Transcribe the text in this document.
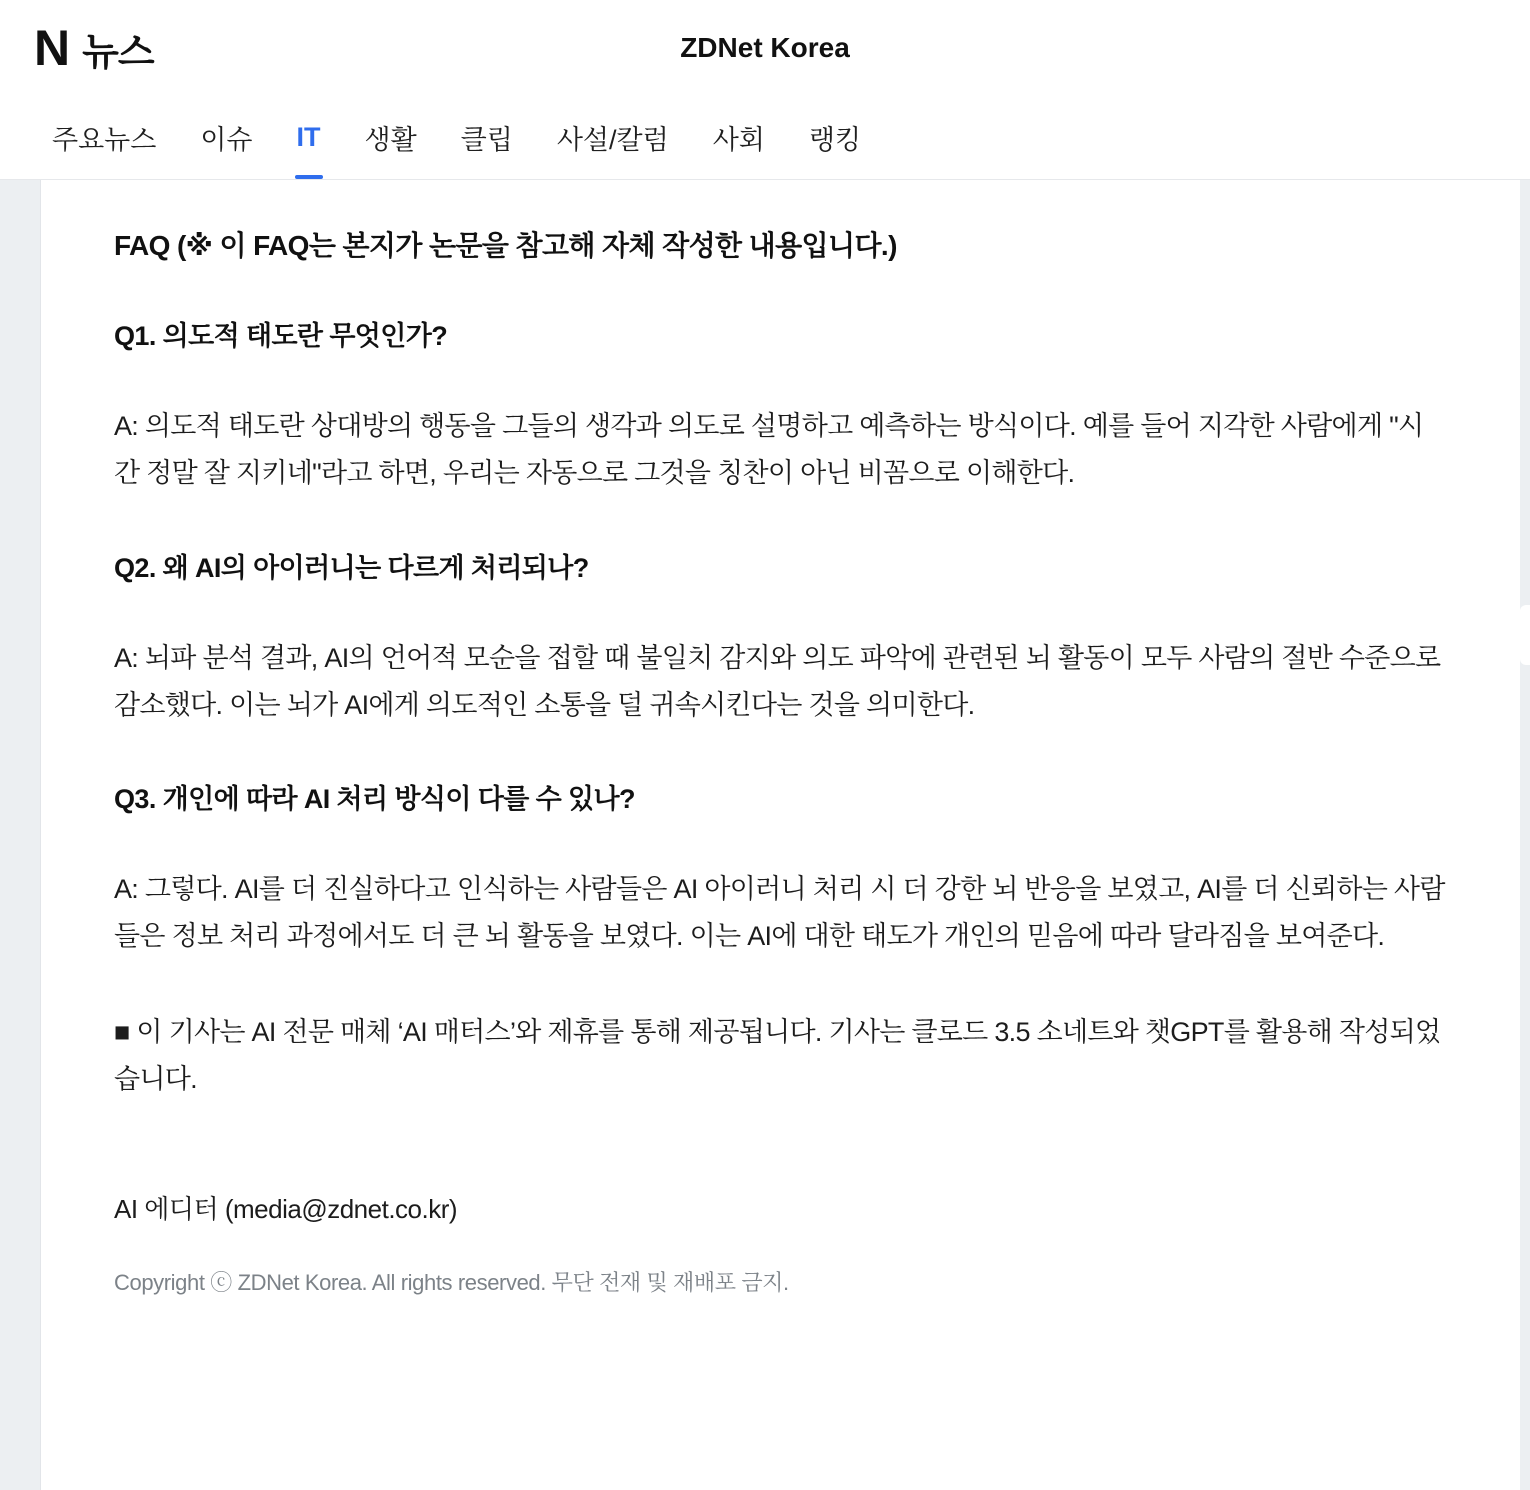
N 뉴스	ZDNet Korea
주요뉴스	이슈	IT	생활	클립	사설/칼럼	사회	랭킹
FAQ (※ 이 FAQ는 본지가 논문을 참고해 자체 작성한 내용입니다.)

Q1. 의도적 태도란 무엇인가?

A: 의도적 태도란 상대방의 행동을 그들의 생각과 의도로 설명하고 예측하는 방식이다. 예를 들어 지각한 사람에게 "시간 정말 잘 지키네"라고 하면, 우리는 자동으로 그것을 칭찬이 아닌 비꼼으로 이해한다.

Q2. 왜 AI의 아이러니는 다르게 처리되나?

A: 뇌파 분석 결과, AI의 언어적 모순을 접할 때 불일치 감지와 의도 파악에 관련된 뇌 활동이 모두 사람의 절반 수준으로 감소했다. 이는 뇌가 AI에게 의도적인 소통을 덜 귀속시킨다는 것을 의미한다.

Q3. 개인에 따라 AI 처리 방식이 다를 수 있나?

A: 그렇다. AI를 더 진실하다고 인식하는 사람들은 AI 아이러니 처리 시 더 강한 뇌 반응을 보였고, AI를 더 신뢰하는 사람들은 정보 처리 과정에서도 더 큰 뇌 활동을 보였다. 이는 AI에 대한 태도가 개인의 믿음에 따라 달라짐을 보여준다.

■ 이 기사는 AI 전문 매체 ‘AI 매터스’와 제휴를 통해 제공됩니다. 기사는 클로드 3.5 소네트와 챗GPT를 활용해 작성되었습니다.

AI 에디터 (media@zdnet.co.kr)

Copyright ⓒ ZDNet Korea. All rights reserved. 무단 전재 및 재배포 금지.
